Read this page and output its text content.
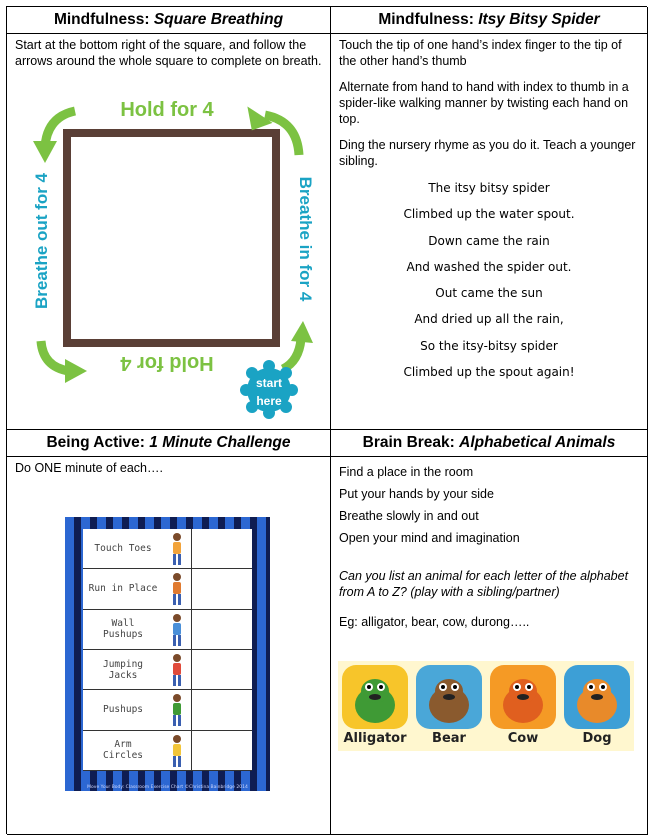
Mindfulness: Square Breathing
Start at the bottom right of the square, and follow the arrows around the whole square to complete on breath.
Hold for 4
Hold for 4
Breathe in for 4
Breathe out for 4
start
here
Mindfulness: Itsy Bitsy Spider

Touch the tip of one hand’s index finger to the tip of the other hand’s thumb

Alternate from hand to hand with index to thumb in a spider-like walking manner by twisting each hand on top.

Ding the nursery rhyme as you do it. Teach a younger sibling.

The itsy bitsy spider
Climbed up the water spout.
Down came the rain
And washed the spider out.
Out came the sun
And dried up all the rain,
So the itsy-bitsy spider
Climbed up the spout again!
Being Active: 1 Minute Challenge
Do ONE minute of each….
Touch Toes
Run in Place
Wall
Pushups
Jumping
Jacks
Pushups
Arm
Circles
Move Your Body: Classroom Exercise Chart ©Christina Bainbridge 2014
Brain Break: Alphabetical Animals

Find a place in the room

Put your hands by your side

Breathe slowly in and out

Open your mind and imagination

Can you list an animal for each letter of the alphabet from A to Z? (play with a sibling/partner)

Eg: alligator, bear, cow, durong…..

Alligator	Bear	Cow	Dog
